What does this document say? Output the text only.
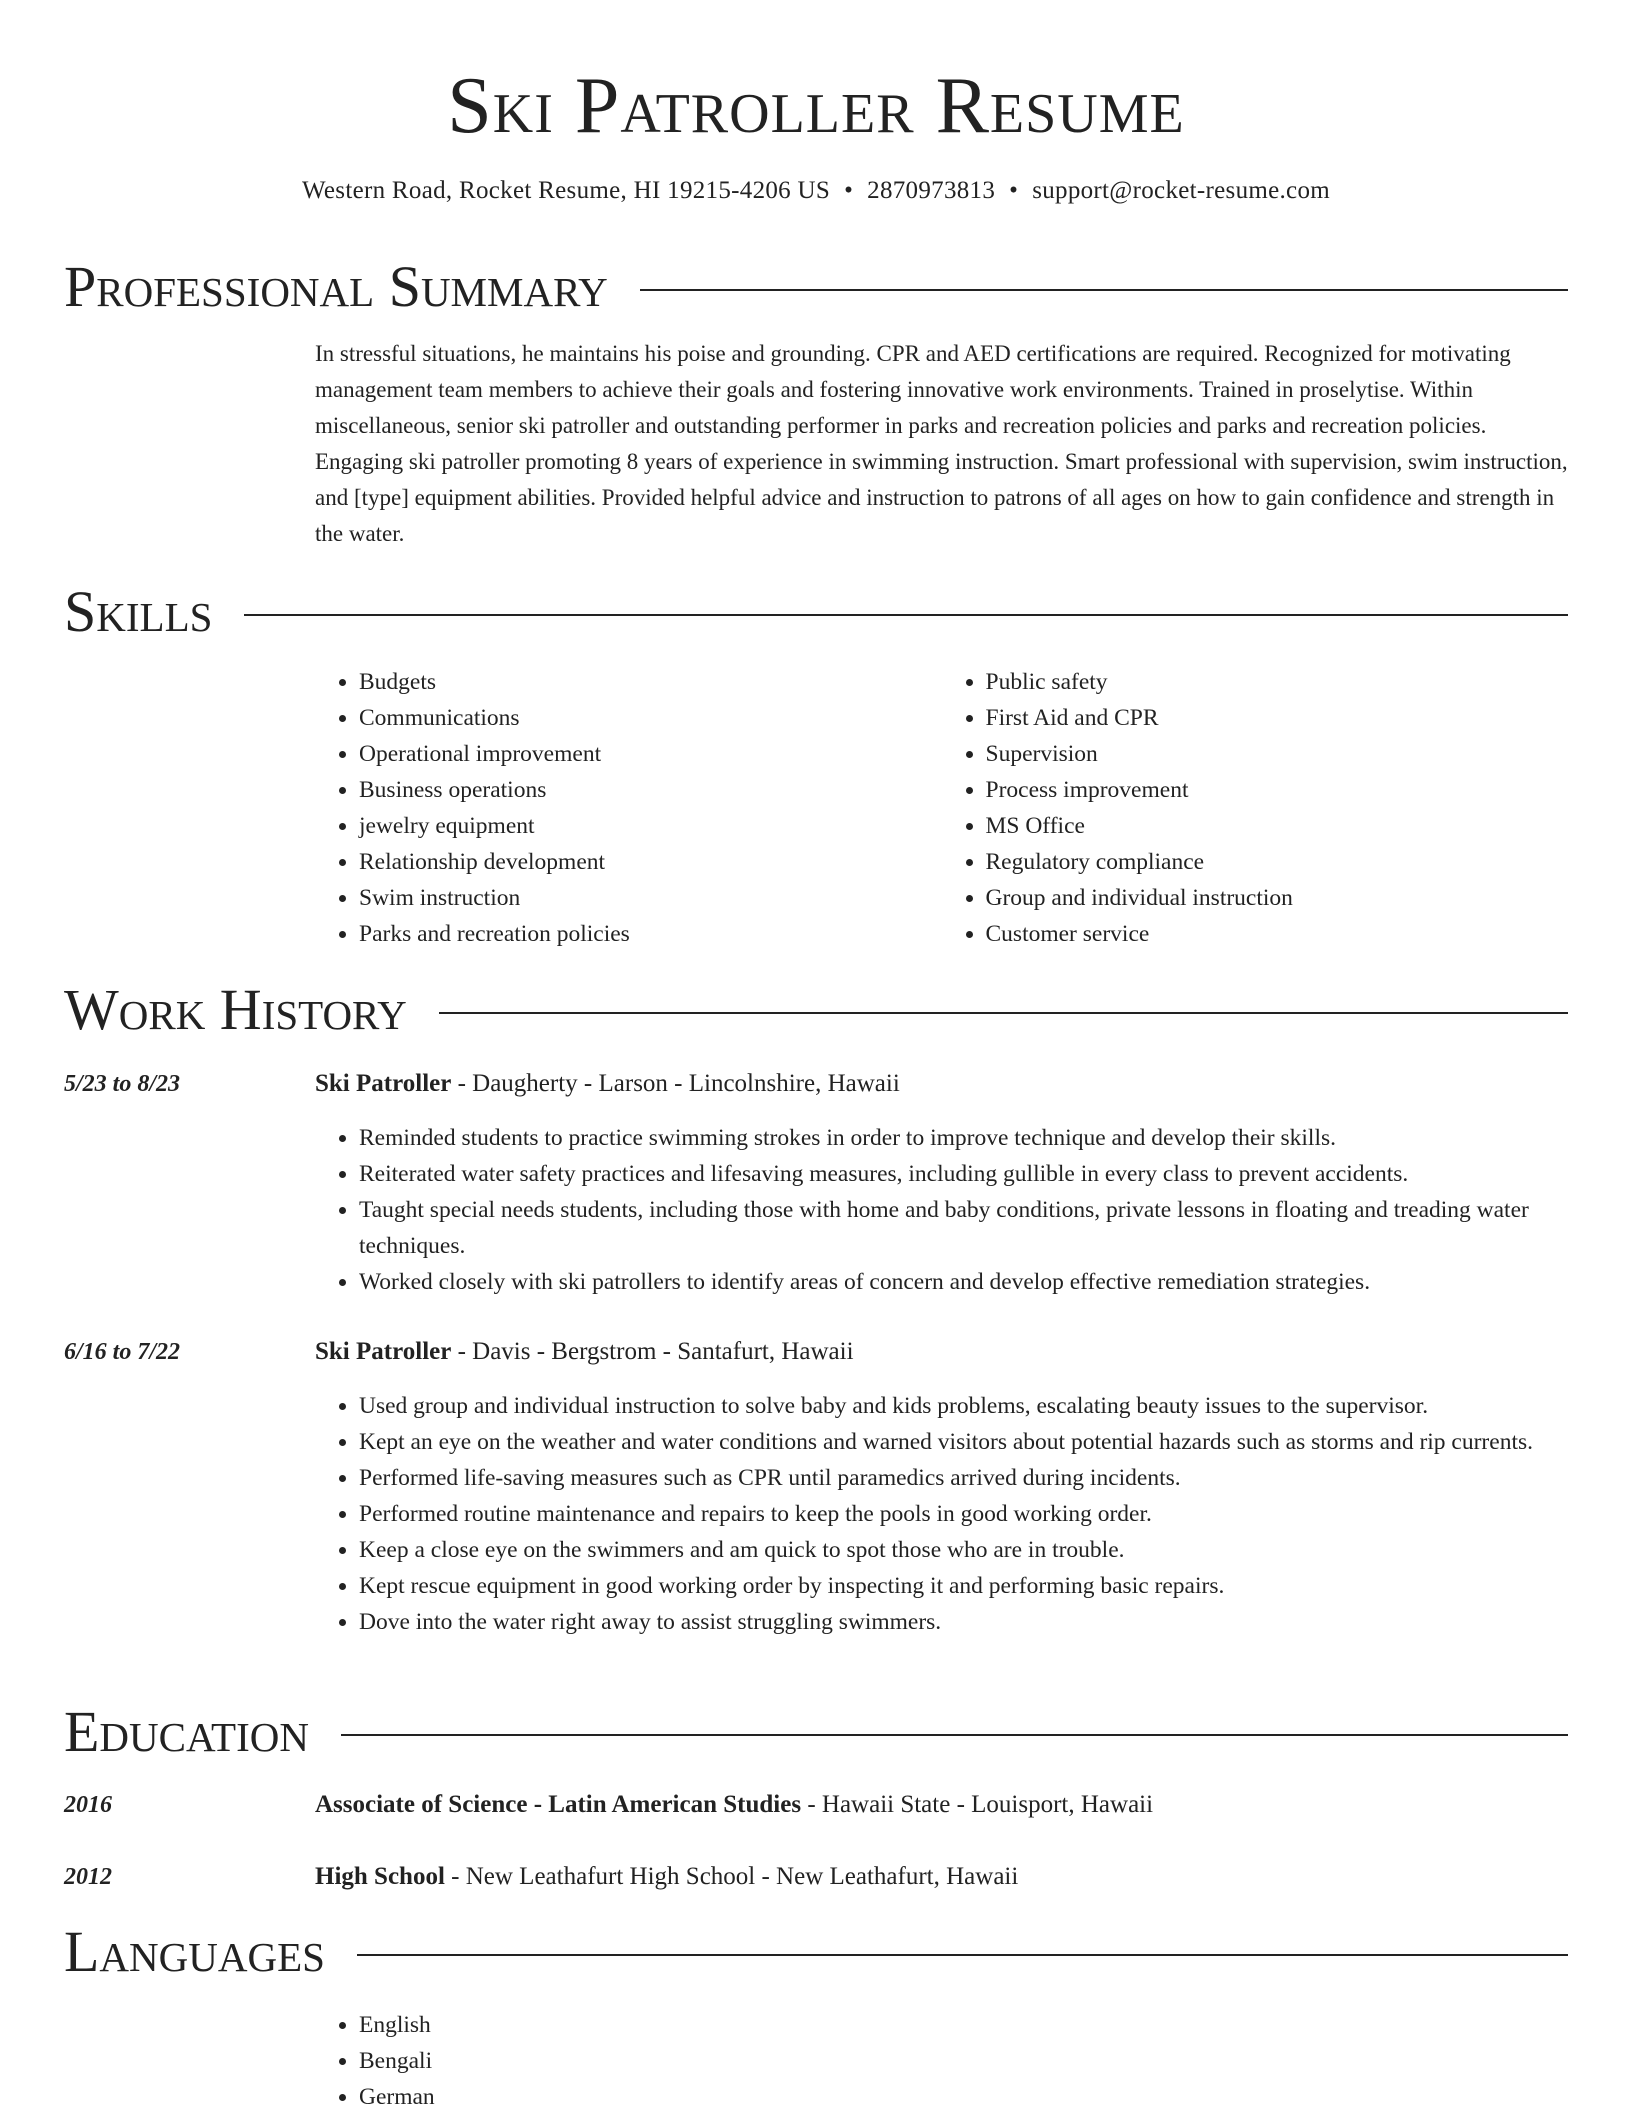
Ski Patroller Resume
Western Road, Rocket Resume, HI 19215-4206 US • 2870973813 • support@rocket-resume.com
Professional Summary

In stressful situations, he maintains his poise and grounding. CPR and AED certifications are required. Recognized for motivating management team members to achieve their goals and fostering innovative work environments. Trained in proselytise. Within miscellaneous, senior ski patroller and outstanding performer in parks and recreation policies and parks and recreation policies. Engaging ski patroller promoting 8 years of experience in swimming instruction. Smart professional with supervision, swim instruction, and [type] equipment abilities. Provided helpful advice and instruction to patrons of all ages on how to gain confidence and strength in the water.

Skills
• Budgets
• Communications
• Operational improvement
• Business operations
• jewelry equipment
• Relationship development
• Swim instruction
• Parks and recreation policies
• Public safety
• First Aid and CPR
• Supervision
• Process improvement
• MS Office
• Regulatory compliance
• Group and individual instruction
• Customer service
Work History
5/23 to 8/23	Ski Patroller - Daugherty - Larson - Lincolnshire, Hawaii
• Reminded students to practice swimming strokes in order to improve technique and develop their skills.
• Reiterated water safety practices and lifesaving measures, including gullible in every class to prevent accidents.
• Taught special needs students, including those with home and baby conditions, private lessons in floating and treading water techniques.
• Worked closely with ski patrollers to identify areas of concern and develop effective remediation strategies.
6/16 to 7/22	Ski Patroller - Davis - Bergstrom - Santafurt, Hawaii
• Used group and individual instruction to solve baby and kids problems, escalating beauty issues to the supervisor.
• Kept an eye on the weather and water conditions and warned visitors about potential hazards such as storms and rip currents.
• Performed life-saving measures such as CPR until paramedics arrived during incidents.
• Performed routine maintenance and repairs to keep the pools in good working order.
• Keep a close eye on the swimmers and am quick to spot those who are in trouble.
• Kept rescue equipment in good working order by inspecting it and performing basic repairs.
• Dove into the water right away to assist struggling swimmers.
Education
2016	Associate of Science - Latin American Studies - Hawaii State - Louisport, Hawaii
2012	High School - New Leathafurt High School - New Leathafurt, Hawaii
Languages
• English
• Bengali
• German
